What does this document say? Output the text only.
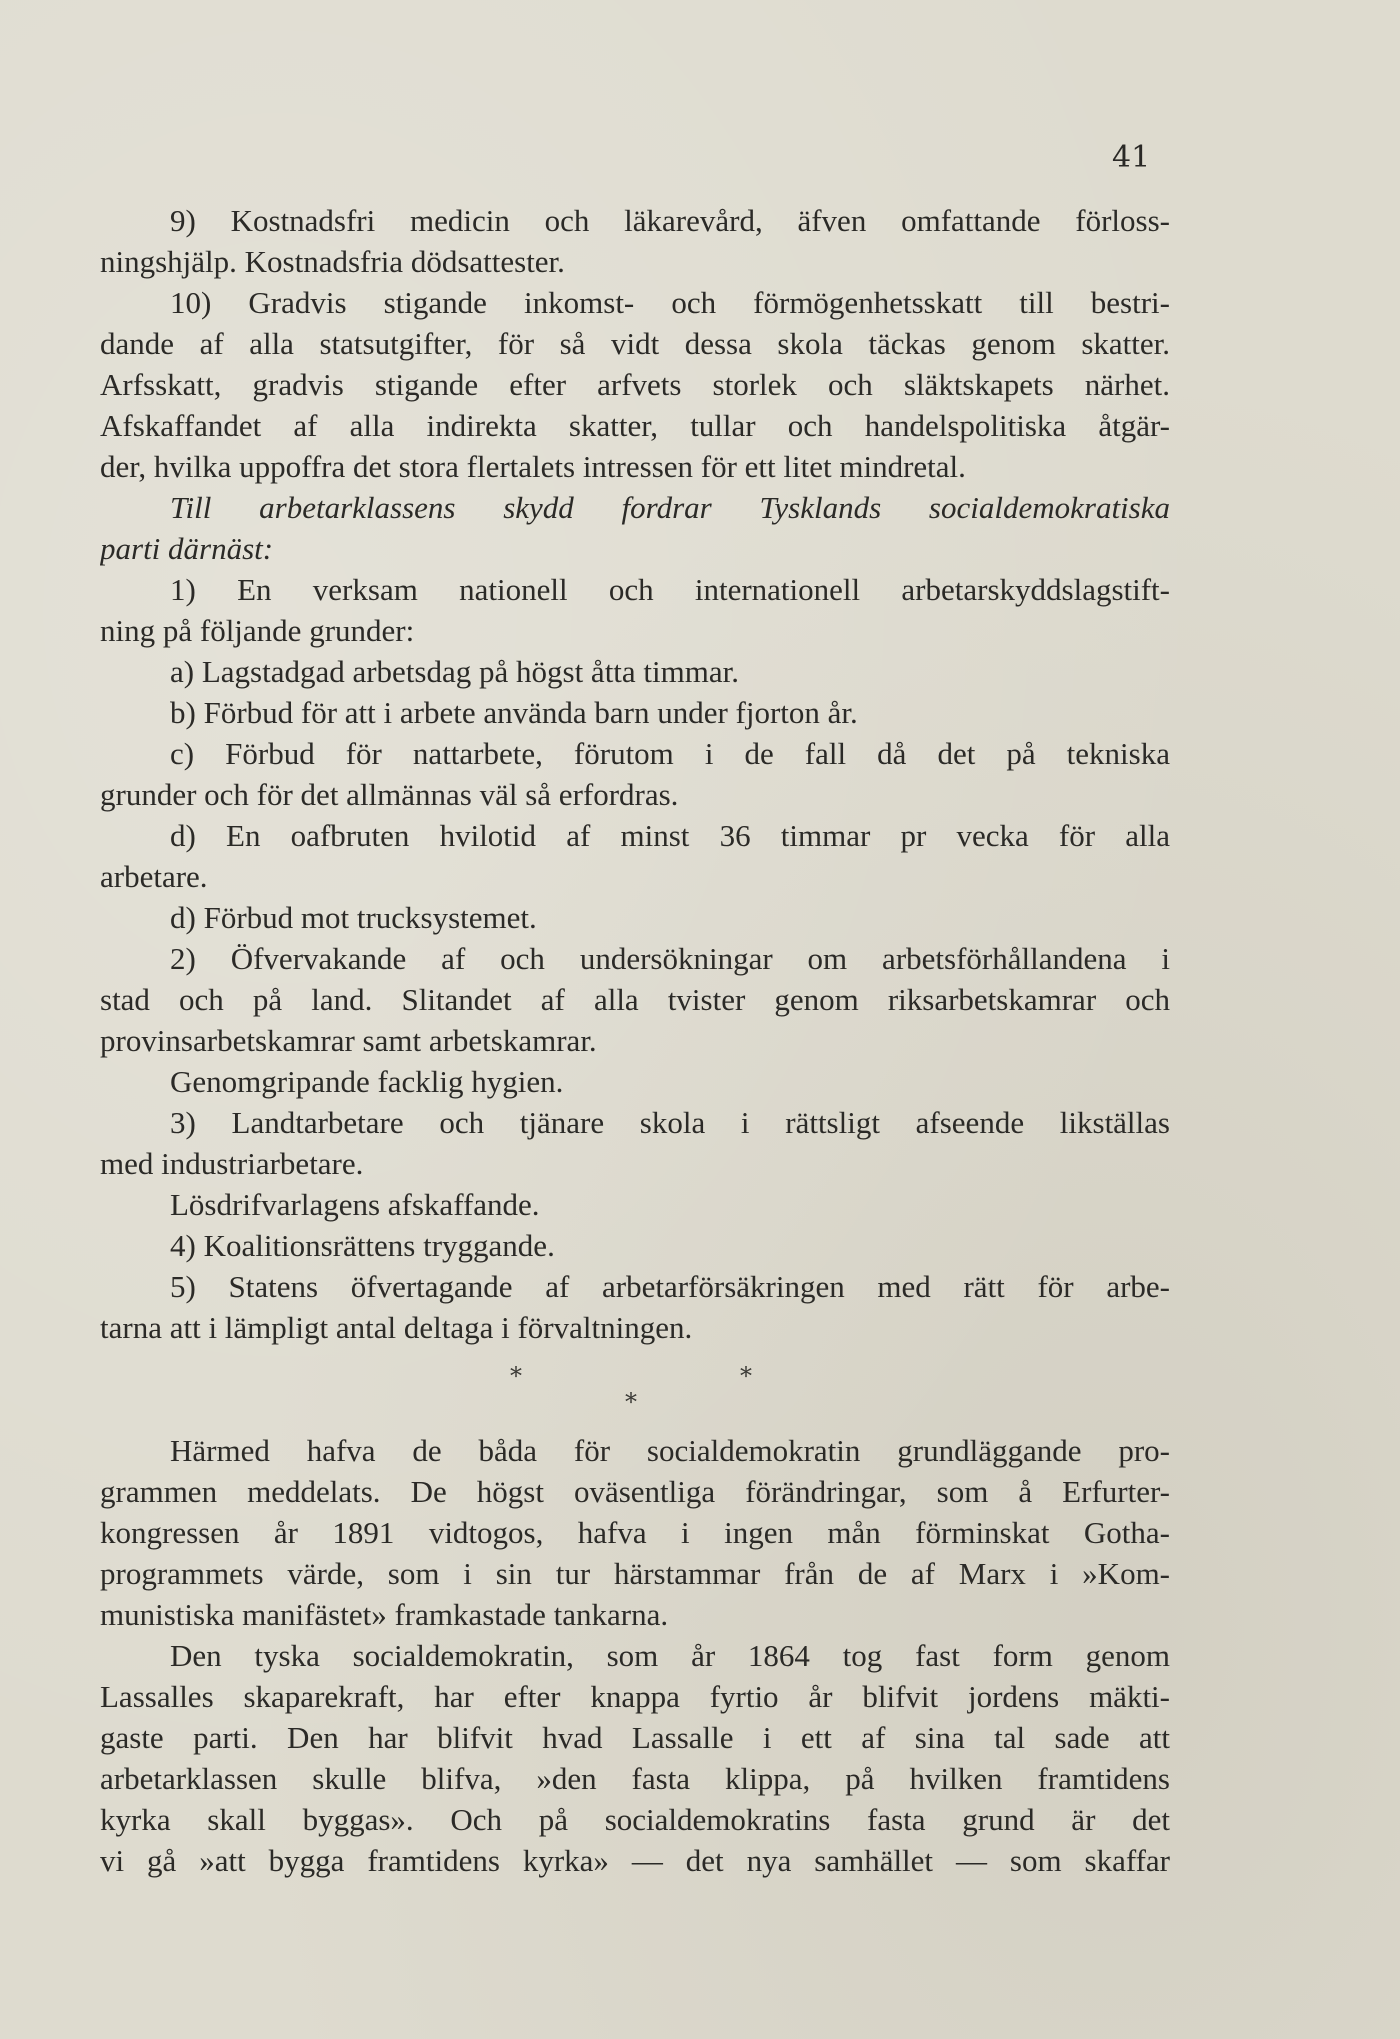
41
9) Kostnadsfri medicin och läkarevård, äfven omfattande förloss-
ningshjälp. Kostnadsfria dödsattester.
10) Gradvis stigande inkomst- och förmögenhetsskatt till bestri-
dande af alla statsutgifter, för så vidt dessa skola täckas genom skatter.
Arfsskatt, gradvis stigande efter arfvets storlek och släktskapets närhet.
Afskaffandet af alla indirekta skatter, tullar och handelspolitiska åtgär-
der, hvilka uppoffra det stora flertalets intressen för ett litet mindretal.
Till arbetarklassens skydd fordrar Tysklands socialdemokratiska
parti därnäst:
1) En verksam nationell och internationell arbetarskyddslagstift-
ning på följande grunder:
a) Lagstadgad arbetsdag på högst åtta timmar.
b) Förbud för att i arbete använda barn under fjorton år.
c) Förbud för nattarbete, förutom i de fall då det på tekniska
grunder och för det allmännas väl så erfordras.
d) En oafbruten hvilotid af minst 36 timmar pr vecka för alla
arbetare.
d) Förbud mot trucksystemet.
2) Öfvervakande af och undersökningar om arbetsförhållandena i
stad och på land. Slitandet af alla tvister genom riksarbetskamrar och
provinsarbetskamrar samt arbetskamrar.
Genomgripande facklig hygien.
3) Landtarbetare och tjänare skola i rättsligt afseende likställas
med industriarbetare.
Lösdrifvarlagens afskaffande.
4) Koalitionsrättens tryggande.
5) Statens öfvertagande af arbetarförsäkringen med rätt för arbe-
tarna att i lämpligt antal deltaga i förvaltningen.
*	*
*
Härmed hafva de båda för socialdemokratin grundläggande pro-
grammen meddelats. De högst oväsentliga förändringar, som å Erfurter-
kongressen år 1891 vidtogos, hafva i ingen mån förminskat Gotha-
programmets värde, som i sin tur härstammar från de af Marx i »Kom-
munistiska manifästet» framkastade tankarna.
Den tyska socialdemokratin, som år 1864 tog fast form genom
Lassalles skaparekraft, har efter knappa fyrtio år blifvit jordens mäkti-
gaste parti. Den har blifvit hvad Lassalle i ett af sina tal sade att
arbetarklassen skulle blifva, »den fasta klippa, på hvilken framtidens
kyrka skall byggas». Och på socialdemokratins fasta grund är det
vi gå »att bygga framtidens kyrka» — det nya samhället — som skaffar
